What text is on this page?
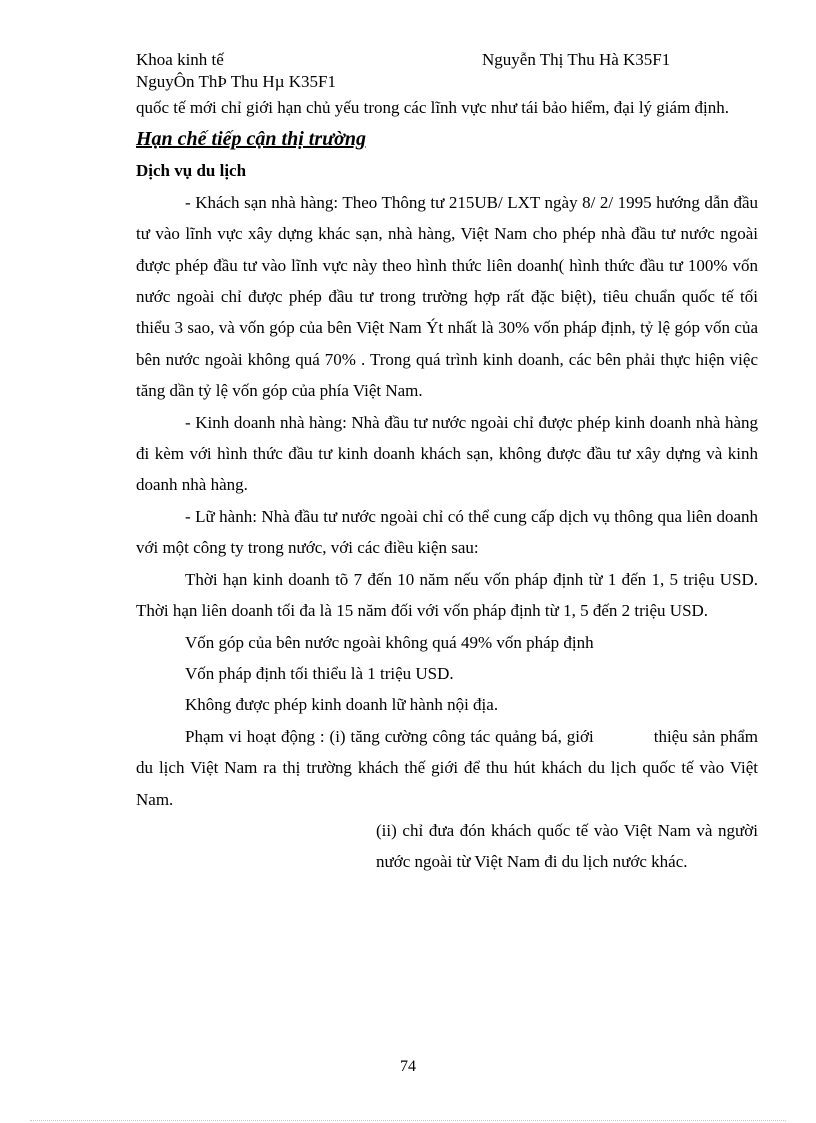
Khoa kinh tế	Nguyễn Thị Thu Hà K35F1
NguyÔn ThÞ Thu Hµ K35F1

quốc tế mới chỉ giới hạn chủ yếu trong các lĩnh vực như tái bảo hiểm, đại lý giám định.

Hạn chế tiếp cận thị trường

Dịch vụ du lịch

- Khách sạn nhà hàng: Theo Thông tư 215UB/ LXT ngày 8/ 2/ 1995 hướng dẫn đầu tư vào lĩnh vực xây dựng khác sạn, nhà hàng, Việt Nam cho phép nhà đầu tư nước ngoài được phép đầu tư vào lĩnh vực này theo hình thức liên doanh( hình thức đầu tư 100% vốn nước ngoài chỉ được phép đầu tư trong trường hợp rất đặc biệt), tiêu chuẩn quốc tế tối thiểu 3 sao, và vốn góp của bên Việt Nam Ýt nhất là 30% vốn pháp định, tỷ lệ góp vốn của bên nước ngoài không quá 70% . Trong quá trình kinh doanh, các bên phải thực hiện việc tăng dần tỷ lệ vốn góp của phía Việt Nam.

- Kinh doanh nhà hàng: Nhà đầu tư nước ngoài chỉ được phép kinh doanh nhà hàng đi kèm với hình thức đầu tư kinh doanh khách sạn, không được đầu tư xây dựng và kinh doanh nhà hàng.

- Lữ hành: Nhà đầu tư nước ngoài chỉ có thể cung cấp dịch vụ thông qua liên doanh với một công ty trong nước, với các điều kiện sau:

Thời hạn kinh doanh tõ 7 đến 10 năm nếu vốn pháp định từ 1 đến 1, 5 triệu USD. Thời hạn liên doanh tối đa là 15 năm đối với vốn pháp định từ 1, 5 đến 2 triệu USD.

Vốn góp của bên nước ngoài không quá 49% vốn pháp định

Vốn pháp định tối thiểu là 1 triệu USD.

Không được phép kinh doanh lữ hành nội địa.

Phạm vi hoạt động : (i) tăng cường công tác quảng bá, giới	thiệu sản phẩm du lịch Việt Nam ra thị trường khách thế giới để thu hút khách du lịch quốc tế vào Việt Nam.

(ii) chỉ đưa đón khách quốc tế vào Việt Nam và người nước ngoài từ Việt Nam đi du lịch nước khác.

74
